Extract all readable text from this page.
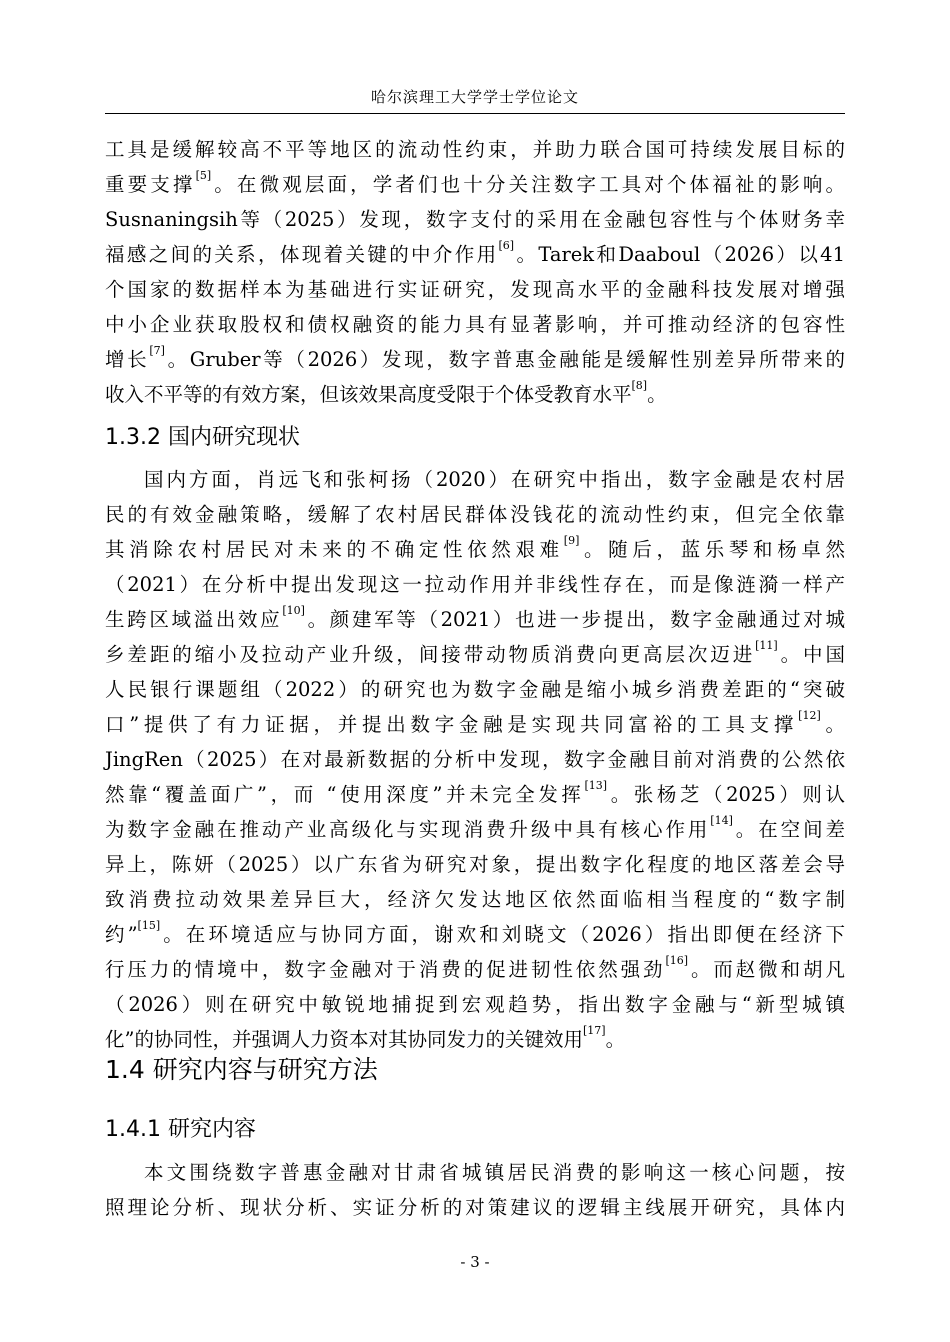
哈尔滨理工大学学士学位论文
工具是缓解较高不平等地区的流动性约束，并助力联合国可持续发展目标的
重要支撑[5]。在微观层面，学者们也十分关注数字工具对个体福祉的影响。
Susnaningsih等（2025）发现，数字支付的采用在金融包容性与个体财务幸
福感之间的关系，体现着关键的中介作用[6]。Tarek和Daaboul（2026）以41
个国家的数据样本为基础进行实证研究，发现高水平的金融科技发展对增强
中小企业获取股权和债权融资的能力具有显著影响，并可推动经济的包容性
增长[7]。Gruber等（2026）发现，数字普惠金融能是缓解性别差异所带来的
收入不平等的有效方案，但该效果高度受限于个体受教育水平[8]。
1.3.2 国内研究现状
国内方面，肖远飞和张柯扬（2020）在研究中指出，数字金融是农村居
民的有效金融策略，缓解了农村居民群体没钱花的流动性约束，但完全依靠
其消除农村居民对未来的不确定性依然艰难[9]。随后，蓝乐琴和杨卓然
（2021）在分析中提出发现这一拉动作用并非线性存在，而是像涟漪一样产
生跨区域溢出效应[10]。颜建军等（2021）也进一步提出，数字金融通过对城
乡差距的缩小及拉动产业升级，间接带动物质消费向更高层次迈进[11]。中国
人民银行课题组（2022）的研究也为数字金融是缩小城乡消费差距的“突破
口”提供了有力证据，并提出数字金融是实现共同富裕的工具支撑[12]。
JingRen（2025）在对最新数据的分析中发现，数字金融目前对消费的公然依
然靠“覆盖面广”，而 “使用深度”并未完全发挥[13]。张杨芝（2025）则认
为数字金融在推动产业高级化与实现消费升级中具有核心作用[14]。在空间差
异上，陈妍（2025）以广东省为研究对象，提出数字化程度的地区落差会导
致消费拉动效果差异巨大，经济欠发达地区依然面临相当程度的“数字制
约”[15]。在环境适应与协同方面，谢欢和刘晓文（2026）指出即便在经济下
行压力的情境中，数字金融对于消费的促进韧性依然强劲[16]。而赵微和胡凡
（2026）则在研究中敏锐地捕捉到宏观趋势，指出数字金融与“新型城镇
化”的协同性，并强调人力资本对其协同发力的关键效用[17]。
1.4 研究内容与研究方法
1.4.1 研究内容
本文围绕数字普惠金融对甘肃省城镇居民消费的影响这一核心问题，按
照理论分析、现状分析、实证分析的对策建议的逻辑主线展开研究，具体内
- 3 -
